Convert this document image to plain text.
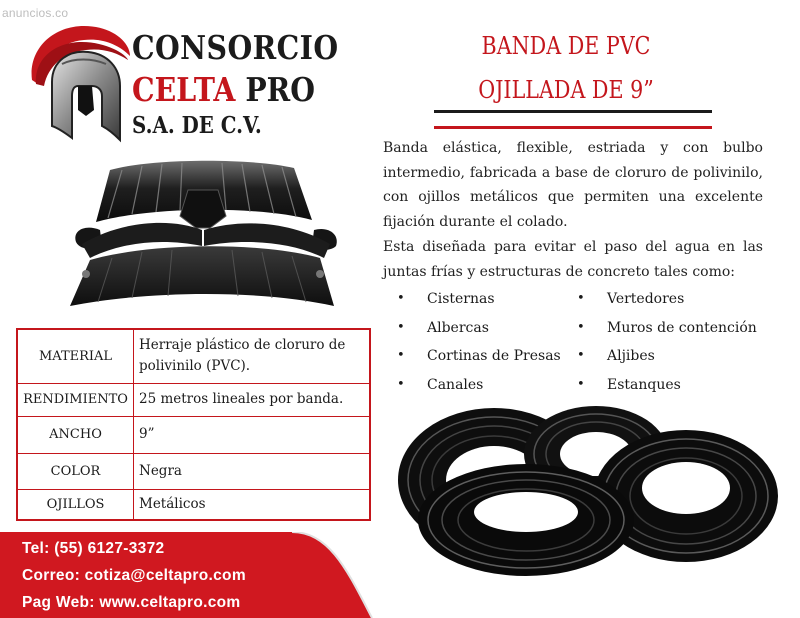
anuncios.co
CONSORCIO
CELTA PRO
S.A. DE C.V.
BANDA DE PVC
OJILLADA DE 9”
Banda elástica, flexible, estriada y con bulbo intermedio, fabricada a base de cloruro de polivinilo, con ojillos metálicos que permiten una excelente fijación durante el colado.
Esta diseñada para evitar el paso del agua en las juntas frías y estructuras de concreto tales como:
• Cisternas
• Albercas
• Cortinas de Presas
• Canales
• Vertedores
• Muros de contención
• Aljibes
• Estanques
MATERIAL	Herraje plástico de cloruro de polivinilo (PVC).
RENDIMIENTO	25 metros lineales por banda.
ANCHO	9”
COLOR	Negra
OJILLOS	Metálicos
Tel: (55) 6127-3372
Correo: cotiza@celtapro.com
Pag Web: www.celtapro.com
